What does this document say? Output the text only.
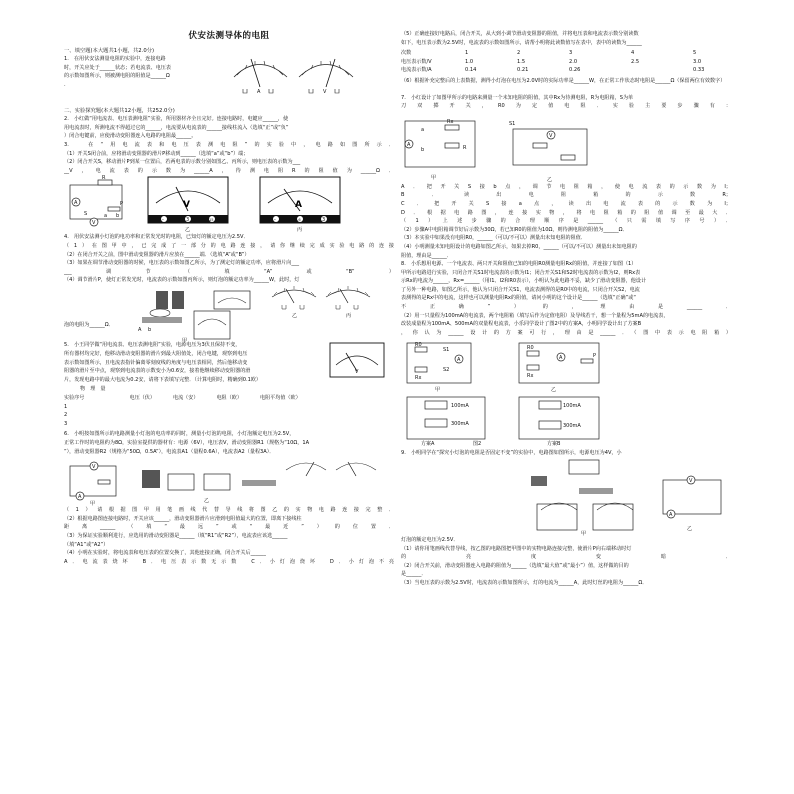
伏安法测导体的电阻
一、填空题(本大题共1小题，共2.0分)
1.　在用伏安法测量电阻的实验中，连接电路
时，开关应处于______状态；若电流表、电压表
的示数如图所示，则被测电阻的阻值是______Ω
.
A	V
二、实验探究题(本大题共12小题，共252.0分)
2.　小红做“用电流表、电压表测电阻”实验，所用器材齐全且完好。连接电路时，电键应______，使
用电流表时，所测电流不得超过它的______，电流要从电流表的______接线柱流入（选填“正”或“负”
）闭合电键前，应使滑动变阻器连入电路的电阻最______。
3.　在“用电流表和电压表测电阻”的实验中，电路如图所示．
（1）开关S闭合前，应将滑动变阻器的滑片P移动到______（选填“a”或“b”）端；
（2）闭合开关S，移动滑片P到某一位置后，若两电表的示数分别如图乙、丙所示，则电压表的示数为___
__V，电流表的示数为______A，待测电阻R的阻值为______Ω．
A
R
V
P
b
a
S
V
-	3	15
乙
A
-	0.6	3
丙
4.　用伏安法测小灯泡的电功率和正常发光时的电阻，已知灯的额定电压为2.5V．
（1）在图甲中，已完成了一部分的电路连接，请你继续完成实验电路的连接
（2）在闭合开关之前，图中滑动变阻器的滑片应放在______端．（选填“A”或“B”）
（3）如果在调节滑动变阻器的时候，电压表的示数如图乙所示，为了测定灯的额定功率，应将滑片向___
___调节（填“A”或“B”）
（4）调节滑片P，使灯正常发光时，电流表的示数如图丙所示，则灯泡的额定功率为______W，此时，灯
A b
甲
乙	丙
泡的电阻为______Ω．
5.　小王同学做“用电流表、电压表测电阻”实验，电源电压为3伏且保持不变，
所有器材均完好，他移动滑动变阻器的滑片到最大阻值处，闭合电键，观察到电压
表示数如图所示，且电流表指针偏离零刻度线的角度与电压表相同，然后他移动变
阻器的滑片至中点，观察到电流表的示数变小为0.6安，接着他继续移动变阻器的滑
片，发现电路中的最大电流为0.2安，请将下表填写完整．（计算电阻时，精确到0.1欧）
V
物　理　量				
实验序号	电压（伏）	电流（安）	电阻（欧）	电阻平均值（欧）
1				
2				
3				
6.　小明按如图所示的电路测量小灯泡的电功率的同时，测量小灯泡的电阻，小灯泡额定电压为2.5V，
正常工作时的电阻约为8Ω，实验室提供的器材有：电源（6V），电压表V，滑动变阻器R1（规格为“10Ω，1A
”），滑动变阻器R2（规格为“50Ω，0.5A”），电流表A1（量程0.6A），电流表A2（量程3A）．
V
A
甲	乙
（1）请根据图甲用笔画线代替导线将图乙的实物电路连接完整．
（2）根据电路图连接电路时，开关应该______，滑动变阻器滑片应滑到电阻值最大的位置，即离下接线柱
距离______（填“最远”或“最近”）的位置．
（3）为保证实验顺利进行，应选用的滑动变阻器是______（填“R1”或“R2”），电流表应该选______
（填“A1”或“A2”）
（4）小明在实验时，将电流表和电压表的位置交换了，其他连接正确，闭合开关后______
A．电流表烧坏　B．电压表示数无示数　C．小灯泡烧坏　D．小灯泡不亮
（5）正确连接好电路后，闭合开关，从大到小调节滑动变阻器的阻值，并将电压表和电流表示数分别读数
如下，电压表示数为2.5V时，电流表的示数如图所示，请帮小明将此读数值写在表中，表中的读数为______
次数	1	2	3	4	5
电压表示数/V	1.0	1.5	2.0	2.5	3.0
电流表示数/A	0.14	0.21	0.26		0.33
（6）根据补充完整后的上表数据，测得小灯泡在电压为2.0V时的实际功率是______W，在正常工作状态时电阻是______Ω（保留两位有效数字）
7.　小红设计了如图甲所示的电路来测量一个未知电阻的阻值，其中Rx为待测电阻，R为电阻箱，S为单
刀双掷开关，R0为定值电阻．实验主要步骤有：
A
Rx
R
a
b
甲
V
S1
乙
A．把开关S接b点，调节电阻箱，使电流表的示数为I；
B．读出电阻箱的示数R；
C．把开关S接a点，读出电流表的示数为I；
D．根据电路图，连接实物，将电阻箱的阻值调至最大．
（1）上述步骤的合理顺序是______（只需填写序号）．
（2）步骤A中电阻箱调节好后示数为30Ω，若已知R0的阻值为10Ω，则待测电阻的阻值为______Ω．
（3）本实验中如果没有电阻R0，______（可以/不可以）测量出未知电阻的阻值．
（4）小明测量未知电阻设计的电路如图乙所示，如果去掉R0，______（可以/不可以）测量出未知电阻的
阻值，理由是______．
8.　小乐想用电源、一个电流表、两只开关和阻值已知的电阻R0测量电阻Rx的阻值，并连接了如图（1）
甲所示电路进行实验，只闭合开关S1时电流表的示数为I1；闭合开关S1和S2时电流表的示数为I2，则Rx表
示Rx的电流为______，Rx=______（用I1、I2和R0表示），小明认为此电路不妥，缺少了滑动变阻器，他设计
了另外一种电路，如图乙所示，他认为只闭合开关S1，电流表测得的是R0中的电流，只闭合开关S2，电流
表测得的是Rx中的电流，这样也可以测量电阻Rx的阻值，请问小明的这个设计是______（选填“正确”或“
不正确”）的，理由是______．
（2）用一只量程为100mA的电流表，两个电阻箱（填写后作为定值电阻）及导线若干，想一个量程为5mA的电流表，
改装成量程为100mA、500mA的双量程电流表，小乐同学设计了图2中的方案A，小明同学设计出了方案B
，你认为______设计的方案可行，理由是______．（图中表示电阻箱）
R0
S1
A
Rx
S2
甲
R0
Rx
A	P
乙
100mA
300mA
方案A	图2
100mA
300mA
方案B
9.　小明同学在“探究小灯泡的电阻是否固定不变”的实验中，电路图如图所示，电源电压为4V，小
甲
V
A
乙
灯泡的额定电压为2.5V．
（1）请你用笔画线代替导线，按乙图的电路图把甲图中的实物电路连接完整，使滑片P向右端移动时灯
的亮度变暗．
（2）闭合开关前，滑动变阻器连入电路的阻值为______（选填“最大值”或“最小”）值，这样做的目的
是______．
（3）当电压表的示数为2.5V时，电流表的示数如图所示，灯的电流为______A，此时灯丝的电阻为______Ω．
